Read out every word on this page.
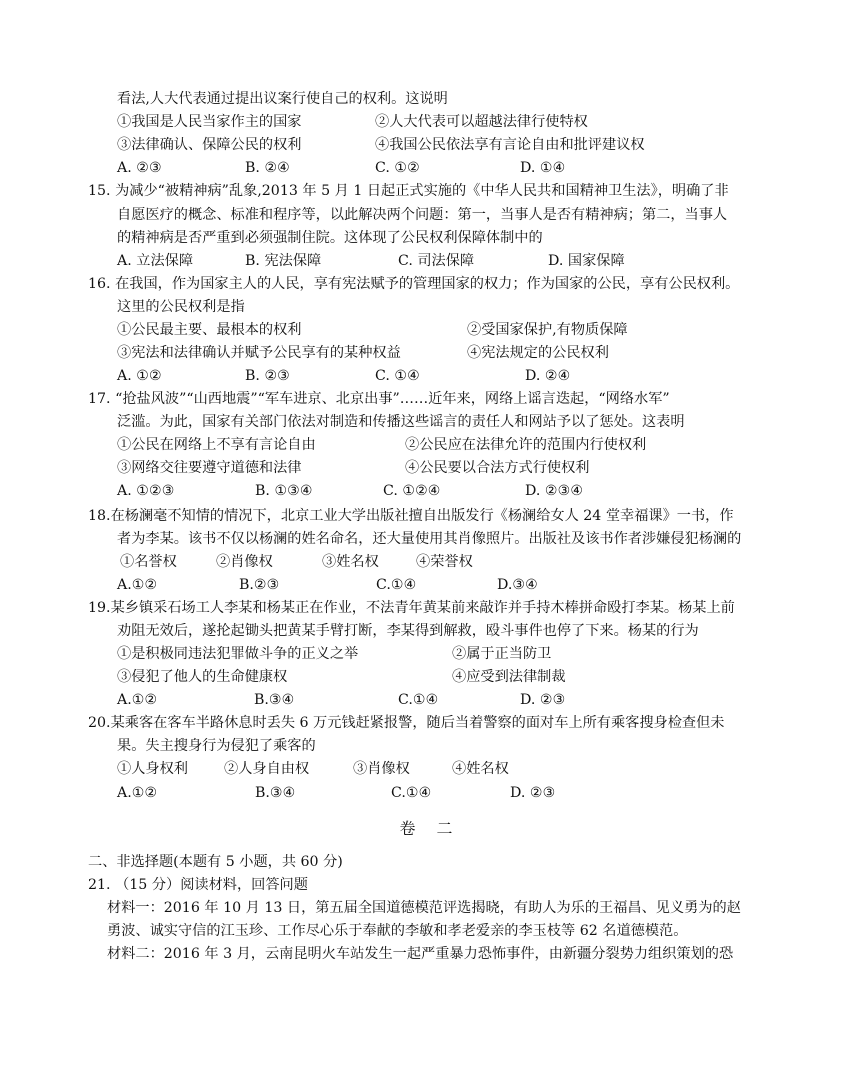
看法,人大代表通过提出议案行使自己的权利。这说明
①我国是人民当家作主的国家	②人大代表可以超越法律行使特权
③法律确认、保障公民的权利	④我国公民依法享有言论自由和批评建议权
A. ②③	B. ②④	C. ①②	D. ①④
15. 为减少“被精神病”乱象,2013 年 5 月 1 日起正式实施的《中华人民共和国精神卫生法》，明确了非
自愿医疗的概念、标准和程序等，以此解决两个问题：第一，当事人是否有精神病；第二，当事人
的精神病是否严重到必须强制住院。这体现了公民权利保障体制中的
A. 立法保障	B. 宪法保障	C. 司法保障	D. 国家保障
16. 在我国，作为国家主人的人民，享有宪法赋予的管理国家的权力；作为国家的公民，享有公民权利。
这里的公民权利是指
①公民最主要、最根本的权利	②受国家保护,有物质保障
③宪法和法律确认并赋予公民享有的某种权益	④宪法规定的公民权利
A. ①②	B. ②③	C. ①④	D. ②④
17. “抢盐风波”“山西地震”“军车进京、北京出事”……近年来，网络上谣言迭起，“网络水军”
泛滥。为此，国家有关部门依法对制造和传播这些谣言的责任人和网站予以了惩处。这表明
①公民在网络上不享有言论自由	②公民应在法律允许的范围内行使权利
③网络交往要遵守道德和法律	④公民要以合法方式行使权利
A. ①②③	B. ①③④	C. ①②④	D. ②③④
18.在杨澜毫不知情的情况下，北京工业大学出版社擅自出版发行《杨澜给女人 24 堂幸福课》一书，作
者为李某。该书不仅以杨澜的姓名命名，还大量使用其肖像照片。出版社及该书作者涉嫌侵犯杨澜的
①名誉权	②肖像权	③姓名权	④荣誉权
A.①②	B.②③	C.①④	D.③④
19.某乡镇采石场工人李某和杨某正在作业，不法青年黄某前来敲诈并手持木棒拼命殴打李某。杨某上前
劝阻无效后，遂抡起锄头把黄某手臂打断，李某得到解救，殴斗事件也停了下来。杨某的行为
①是积极同违法犯罪做斗争的正义之举	②属于正当防卫
③侵犯了他人的生命健康权	④应受到法律制裁
A.①②	B.③④	C.①④	D. ②③
20.某乘客在客车半路休息时丢失 6 万元钱赶紧报警，随后当着警察的面对车上所有乘客搜身检查但未
果。失主搜身行为侵犯了乘客的
①人身权利	②人身自由权	③肖像权	④姓名权
A.①②	B.③④	C.①④	D. ②③
卷 二
二、非选择题(本题有 5 小题，共 60 分)
21. （15 分）阅读材料，回答问题
材料一：2016 年 10 月 13 日，第五届全国道德模范评选揭晓，有助人为乐的王福昌、见义勇为的赵
勇波、诚实守信的江玉珍、工作尽心乐于奉献的李敏和孝老爱亲的李玉枝等 62 名道德模范。
材料二：2016 年 3 月，云南昆明火车站发生一起严重暴力恐怖事件，由新疆分裂势力组织策划的恐
